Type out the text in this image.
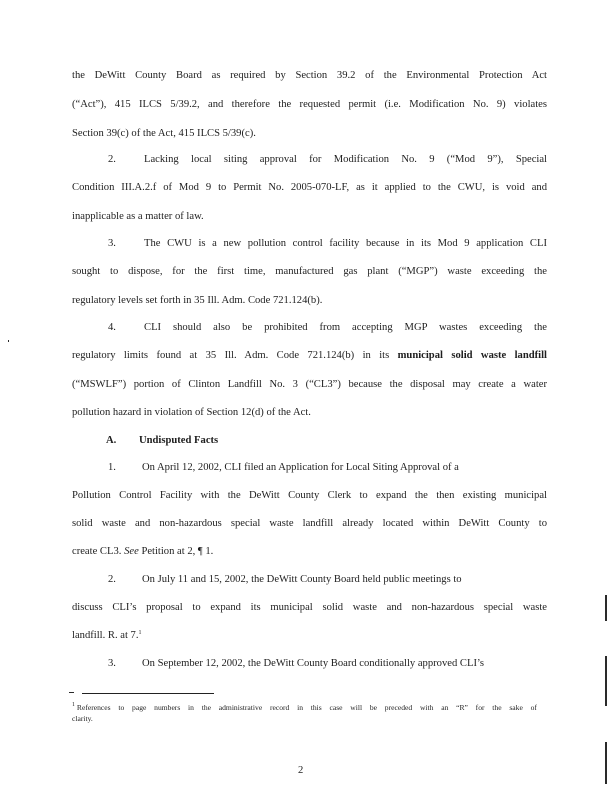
the DeWitt County Board as required by Section 39.2 of the Environmental Protection Act

(“Act”), 415 ILCS 5/39.2, and therefore the requested permit (i.e. Modification No. 9) violates

Section 39(c) of the Act, 415 ILCS 5/39(c).

2.	Lacking local siting approval for Modification No. 9 (“Mod 9”), Special

Condition III.A.2.f of Mod 9 to Permit No. 2005-070-LF, as it applied to the CWU, is void and

inapplicable as a matter of law.

3.	The CWU is a new pollution control facility because in its Mod 9 application CLI

sought to dispose, for the first time, manufactured gas plant (“MGP”) waste exceeding the

regulatory levels set forth in 35 Ill. Adm. Code 721.124(b).

4.	CLI should also be prohibited from accepting MGP wastes exceeding the

regulatory limits found at 35 Ill. Adm. Code 721.124(b) in its municipal solid waste landfill

(“MSWLF”) portion of Clinton Landfill No. 3 (“CL3”) because the disposal may create a water

pollution hazard in violation of Section 12(d) of the Act.

A. Undisputed Facts

1. On April 12, 2002, CLI filed an Application for Local Siting Approval of a

Pollution Control Facility with the DeWitt County Clerk to expand the then existing municipal

solid waste and non-hazardous special waste landfill already located within DeWitt County to

create CL3. See Petition at 2, ¶ 1.

2. On July 11 and 15, 2002, the DeWitt County Board held public meetings to

discuss CLI’s proposal to expand its municipal solid waste and non-hazardous special waste

landfill. R. at 7.$^1$

3. On September 12, 2002, the DeWitt County Board conditionally approved CLI’s

$^1$ References to page numbers in the administrative record in this case will be preceded with an “R” for the sake of

clarity.

2
